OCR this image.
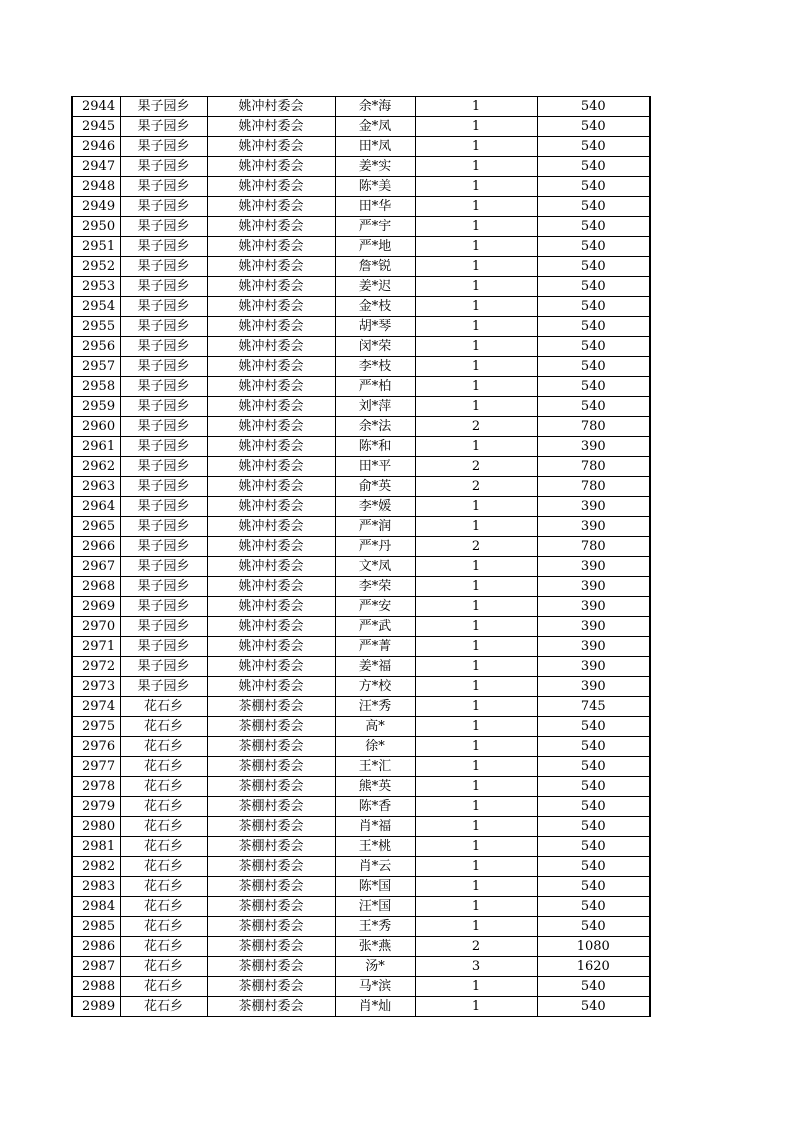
2944	果子园乡	姚冲村委会	余*海	1	540
2945	果子园乡	姚冲村委会	金*凤	1	540
2946	果子园乡	姚冲村委会	田*凤	1	540
2947	果子园乡	姚冲村委会	姜*实	1	540
2948	果子园乡	姚冲村委会	陈*美	1	540
2949	果子园乡	姚冲村委会	田*华	1	540
2950	果子园乡	姚冲村委会	严*宇	1	540
2951	果子园乡	姚冲村委会	严*地	1	540
2952	果子园乡	姚冲村委会	詹*锐	1	540
2953	果子园乡	姚冲村委会	姜*迟	1	540
2954	果子园乡	姚冲村委会	金*枝	1	540
2955	果子园乡	姚冲村委会	胡*琴	1	540
2956	果子园乡	姚冲村委会	闵*荣	1	540
2957	果子园乡	姚冲村委会	李*枝	1	540
2958	果子园乡	姚冲村委会	严*柏	1	540
2959	果子园乡	姚冲村委会	刘*萍	1	540
2960	果子园乡	姚冲村委会	余*法	2	780
2961	果子园乡	姚冲村委会	陈*和	1	390
2962	果子园乡	姚冲村委会	田*平	2	780
2963	果子园乡	姚冲村委会	俞*英	2	780
2964	果子园乡	姚冲村委会	李*媛	1	390
2965	果子园乡	姚冲村委会	严*润	1	390
2966	果子园乡	姚冲村委会	严*丹	2	780
2967	果子园乡	姚冲村委会	文*凤	1	390
2968	果子园乡	姚冲村委会	李*荣	1	390
2969	果子园乡	姚冲村委会	严*安	1	390
2970	果子园乡	姚冲村委会	严*武	1	390
2971	果子园乡	姚冲村委会	严*菁	1	390
2972	果子园乡	姚冲村委会	姜*福	1	390
2973	果子园乡	姚冲村委会	方*校	1	390
2974	花石乡	茶棚村委会	汪*秀	1	745
2975	花石乡	茶棚村委会	高*	1	540
2976	花石乡	茶棚村委会	徐*	1	540
2977	花石乡	茶棚村委会	王*汇	1	540
2978	花石乡	茶棚村委会	熊*英	1	540
2979	花石乡	茶棚村委会	陈*香	1	540
2980	花石乡	茶棚村委会	肖*福	1	540
2981	花石乡	茶棚村委会	王*桃	1	540
2982	花石乡	茶棚村委会	肖*云	1	540
2983	花石乡	茶棚村委会	陈*国	1	540
2984	花石乡	茶棚村委会	汪*国	1	540
2985	花石乡	茶棚村委会	王*秀	1	540
2986	花石乡	茶棚村委会	张*燕	2	1080
2987	花石乡	茶棚村委会	汤*	3	1620
2988	花石乡	茶棚村委会	马*滨	1	540
2989	花石乡	茶棚村委会	肖*灿	1	540
